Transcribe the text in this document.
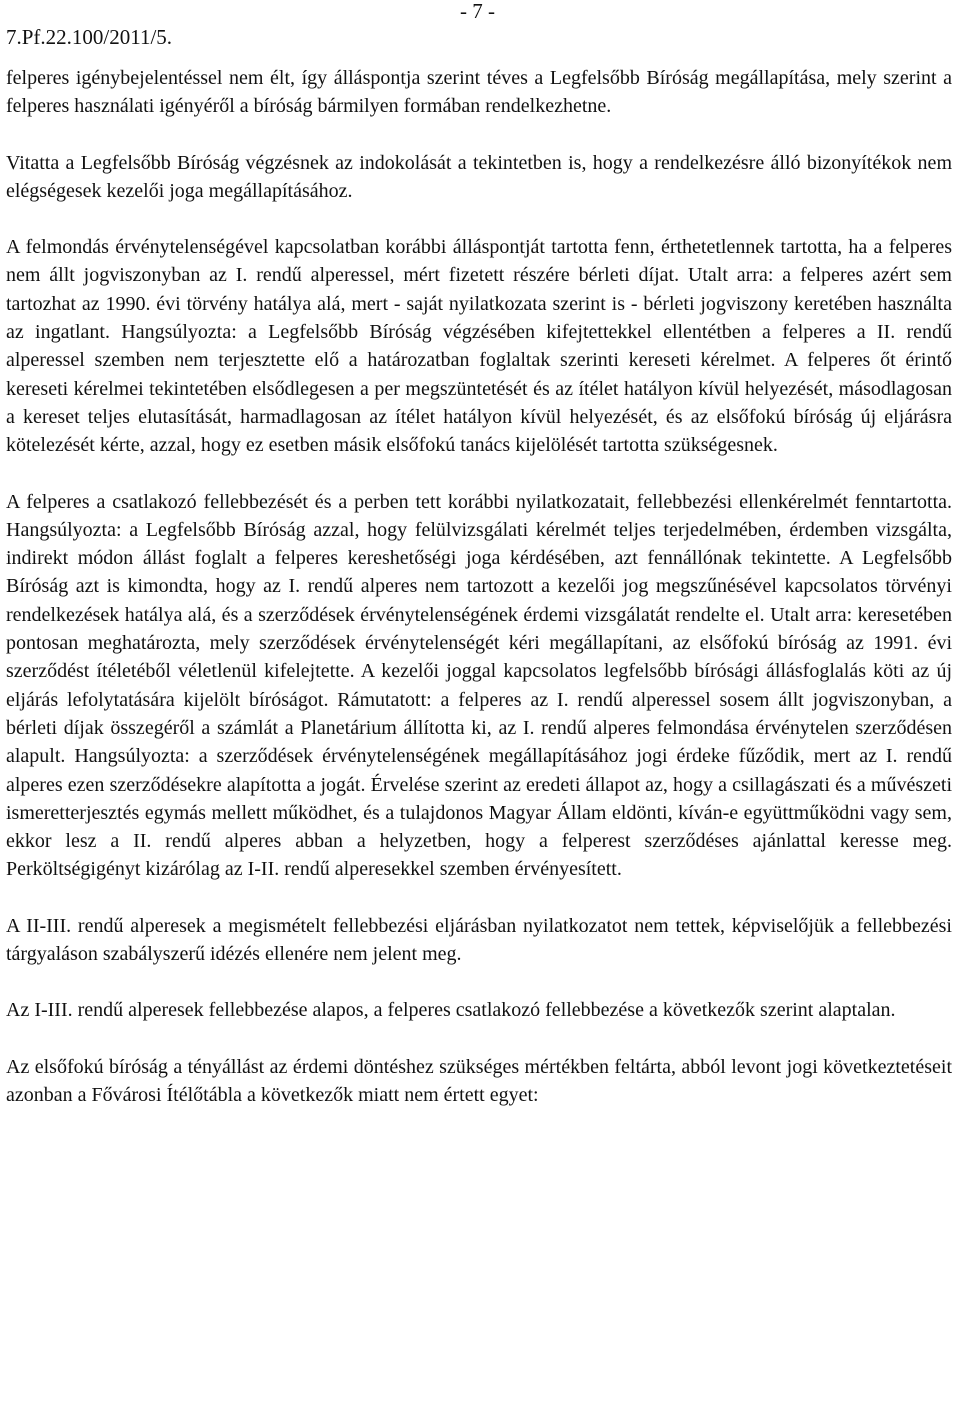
7.Pf.22.100/2011/5.
- 7 -

felperes igénybejelentéssel nem élt, így álláspontja szerint téves a Legfelsőbb Bíróság megállapítása, mely szerint a felperes használati igényéről a bíróság bármilyen formában rendelkezhetne.

Vitatta a Legfelsőbb Bíróság végzésnek az indokolását a tekintetben is, hogy a rendelkezésre álló bizonyítékok nem elégségesek kezelői joga megállapításához.

A felmondás érvénytelenségével kapcsolatban korábbi álláspontját tartotta fenn, érthetetlennek tartotta, ha a felperes nem állt jogviszonyban az I. rendű alperessel, mért fizetett részére bérleti díjat. Utalt arra: a felperes azért sem tartozhat az 1990. évi törvény hatálya alá, mert - saját nyilatkozata szerint is - bérleti jogviszony keretében használta az ingatlant. Hangsúlyozta: a Legfelsőbb Bíróság végzésében kifejtettekkel ellentétben a felperes a II. rendű alperessel szemben nem terjesztette elő a határozatban foglaltak szerinti kereseti kérelmet. A felperes őt érintő kereseti kérelmei tekintetében elsődlegesen a per megszüntetését és az ítélet hatályon kívül helyezését, másodlagosan a kereset teljes elutasítását, harmadlagosan az ítélet hatályon kívül helyezését, és az elsőfokú bíróság új eljárásra kötelezését kérte, azzal, hogy ez esetben másik elsőfokú tanács kijelölését tartotta szükségesnek.

A felperes a csatlakozó fellebbezését és a perben tett korábbi nyilatkozatait, fellebbezési ellenkérelmét fenntartotta. Hangsúlyozta: a Legfelsőbb Bíróság azzal, hogy felülvizsgálati kérelmét teljes terjedelmében, érdemben vizsgálta, indirekt módon állást foglalt a felperes kereshetőségi joga kérdésében, azt fennállónak tekintette. A Legfelsőbb Bíróság azt is kimondta, hogy az I. rendű alperes nem tartozott a kezelői jog megszűnésével kapcsolatos törvényi rendelkezések hatálya alá, és a szerződések érvénytelenségének érdemi vizsgálatát rendelte el. Utalt arra: keresetében pontosan meghatározta, mely szerződések érvénytelenségét kéri megállapítani, az elsőfokú bíróság az 1991. évi szerződést ítéletéből véletlenül kifelejtette. A kezelői joggal kapcsolatos legfelsőbb bírósági állásfoglalás köti az új eljárás lefolytatására kijelölt bíróságot. Rámutatott: a felperes az I. rendű alperessel sosem állt jogviszonyban, a bérleti díjak összegéről a számlát a Planetárium állította ki, az I. rendű alperes felmondása érvénytelen szerződésen alapult. Hangsúlyozta: a szerződések érvénytelenségének megállapításához jogi érdeke fűződik, mert az I. rendű alperes ezen szerződésekre alapította a jogát. Érvelése szerint az eredeti állapot az, hogy a csillagászati és a művészeti ismeretterjesztés egymás mellett működhet, és a tulajdonos Magyar Állam eldönti, kíván-e együttműködni vagy sem, ekkor lesz a II. rendű alperes abban a helyzetben, hogy a felperest szerződéses ajánlattal keresse meg. Perköltségigényt kizárólag az I-II. rendű alperesekkel szemben érvényesített.

A II-III. rendű alperesek a megismételt fellebbezési eljárásban nyilatkozatot nem tettek, képviselőjük a fellebbezési tárgyaláson szabályszerű idézés ellenére nem jelent meg.

Az I-III. rendű alperesek fellebbezése alapos, a felperes csatlakozó fellebbezése a következők szerint alaptalan.

Az elsőfokú bíróság a tényállást az érdemi döntéshez szükséges mértékben feltárta, abból levont jogi következtetéseit azonban a Fővárosi Ítélőtábla a következők miatt nem értett egyet:
